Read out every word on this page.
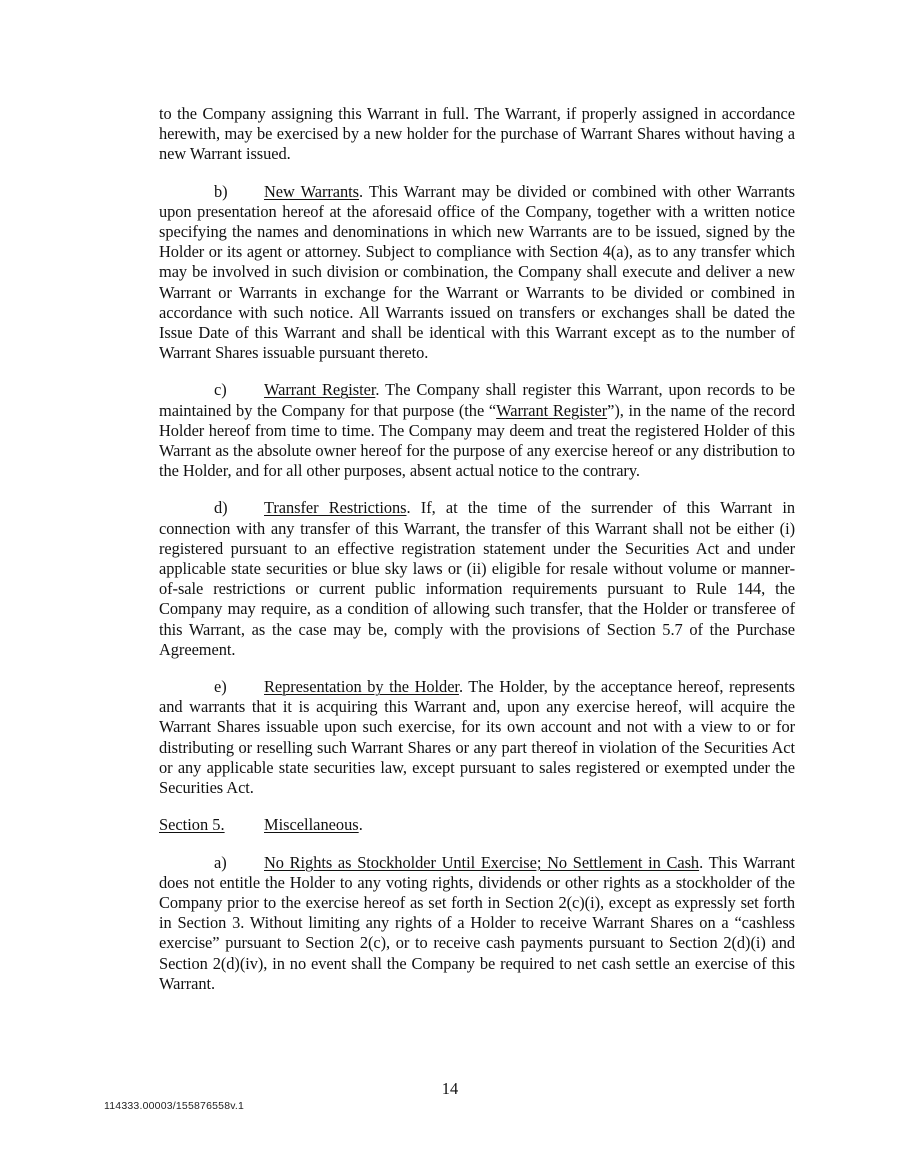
to the Company assigning this Warrant in full. The Warrant, if properly assigned in accordance herewith, may be exercised by a new holder for the purchase of Warrant Shares without having a new Warrant issued.

b) New Warrants. This Warrant may be divided or combined with other Warrants upon presentation hereof at the aforesaid office of the Company, together with a written notice specifying the names and denominations in which new Warrants are to be issued, signed by the Holder or its agent or attorney. Subject to compliance with Section 4(a), as to any transfer which may be involved in such division or combination, the Company shall execute and deliver a new Warrant or Warrants in exchange for the Warrant or Warrants to be divided or combined in accordance with such notice. All Warrants issued on transfers or exchanges shall be dated the Issue Date of this Warrant and shall be identical with this Warrant except as to the number of Warrant Shares issuable pursuant thereto.

c) Warrant Register. The Company shall register this Warrant, upon records to be maintained by the Company for that purpose (the “Warrant Register”), in the name of the record Holder hereof from time to time. The Company may deem and treat the registered Holder of this Warrant as the absolute owner hereof for the purpose of any exercise hereof or any distribution to the Holder, and for all other purposes, absent actual notice to the contrary.

d) Transfer Restrictions. If, at the time of the surrender of this Warrant in connection with any transfer of this Warrant, the transfer of this Warrant shall not be either (i) registered pursuant to an effective registration statement under the Securities Act and under applicable state securities or blue sky laws or (ii) eligible for resale without volume or manner-of-sale restrictions or current public information requirements pursuant to Rule 144, the Company may require, as a condition of allowing such transfer, that the Holder or transferee of this Warrant, as the case may be, comply with the provisions of Section 5.7 of the Purchase Agreement.

e) Representation by the Holder. The Holder, by the acceptance hereof, represents and warrants that it is acquiring this Warrant and, upon any exercise hereof, will acquire the Warrant Shares issuable upon such exercise, for its own account and not with a view to or for distributing or reselling such Warrant Shares or any part thereof in violation of the Securities Act or any applicable state securities law, except pursuant to sales registered or exempted under the Securities Act.

Section 5. Miscellaneous.

a) No Rights as Stockholder Until Exercise; No Settlement in Cash. This Warrant does not entitle the Holder to any voting rights, dividends or other rights as a stockholder of the Company prior to the exercise hereof as set forth in Section 2(c)(i), except as expressly set forth in Section 3. Without limiting any rights of a Holder to receive Warrant Shares on a “cashless exercise” pursuant to Section 2(c), or to receive cash payments pursuant to Section 2(d)(i) and Section 2(d)(iv), in no event shall the Company be required to net cash settle an exercise of this Warrant.

14
114333.00003/155876558v.1
